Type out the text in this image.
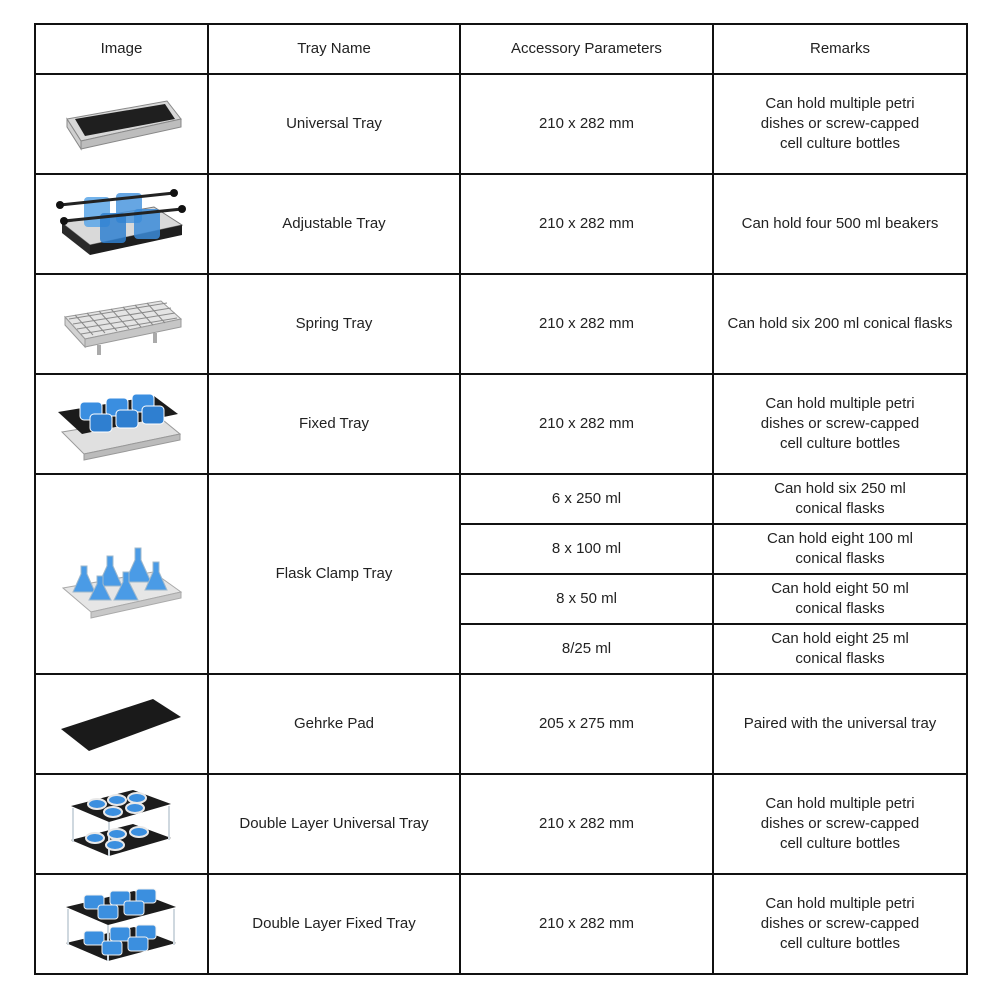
Image	Tray Name	Accessory Parameters	Remarks

	Universal Tray	210 x 282 mm	Can hold multiple petri
dishes or screw-capped
cell culture bottles

	Adjustable Tray	210 x 282 mm	Can hold four 500 ml beakers

	Spring Tray	210 x 282 mm	Can hold six 200 ml conical flasks

	Fixed Tray	210 x 282 mm	Can hold multiple petri
dishes or screw-capped
cell culture bottles

	Flask Clamp Tray	6 x 250 ml	Can hold six 250 ml
conical flasks
		8 x 100 ml	Can hold eight 100 ml
conical flasks
		8 x 50 ml	Can hold eight 50 ml
conical flasks
		8/25 ml	Can hold eight 25 ml
conical flasks

	Gehrke Pad	205 x 275 mm	Paired with the universal tray

	Double Layer Universal Tray	210 x 282 mm	Can hold multiple petri
dishes or screw-capped
cell culture bottles

	Double Layer Fixed Tray	210 x 282 mm	Can hold multiple petri
dishes or screw-capped
cell culture bottles
